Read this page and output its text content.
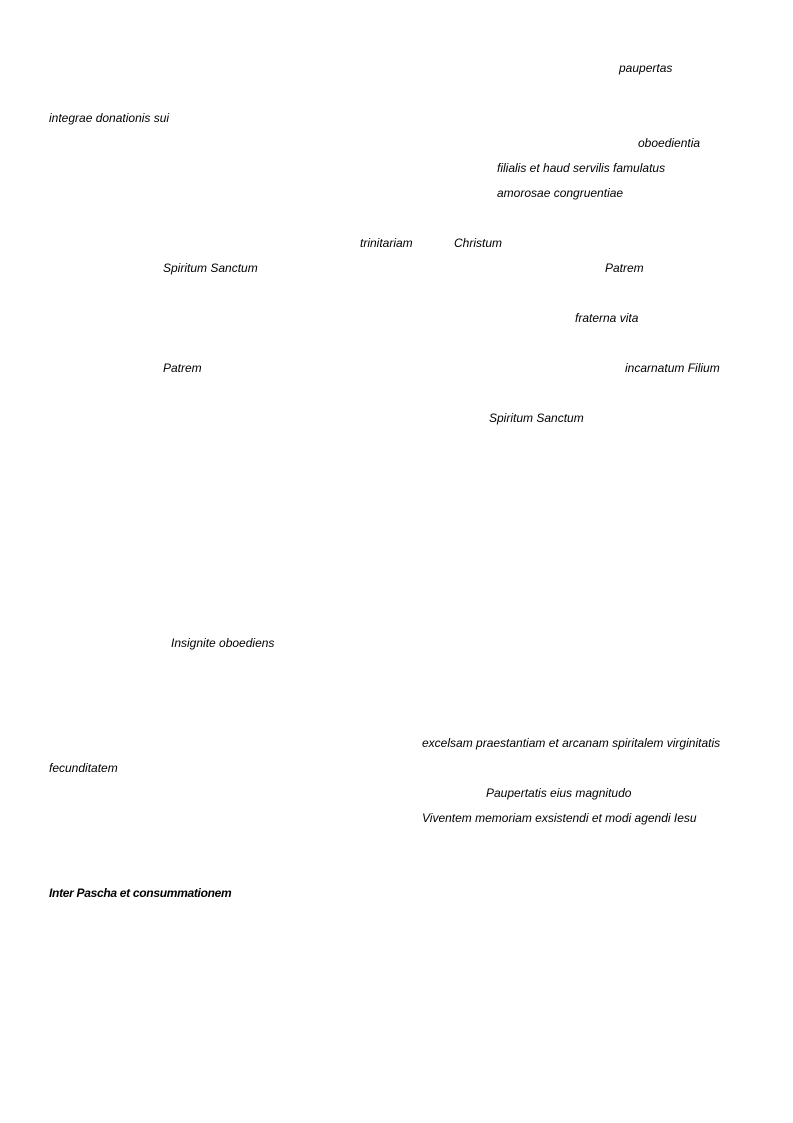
paupertas
integrae donationis sui
oboedientia
filialis et haud servilis famulatus
amorosae congruentiae
trinitariam	Christum
Spiritum Sanctum	Patrem
fraterna vita
Patrem	incarnatum Filium
Spiritum Sanctum
Insignite oboediens
excelsam praestantiam et arcanam spiritalem virginitatis
fecunditatem
Paupertatis eius magnitudo
Viventem memoriam exsistendi et modi agendi Iesu
Inter Pascha et consummationem
